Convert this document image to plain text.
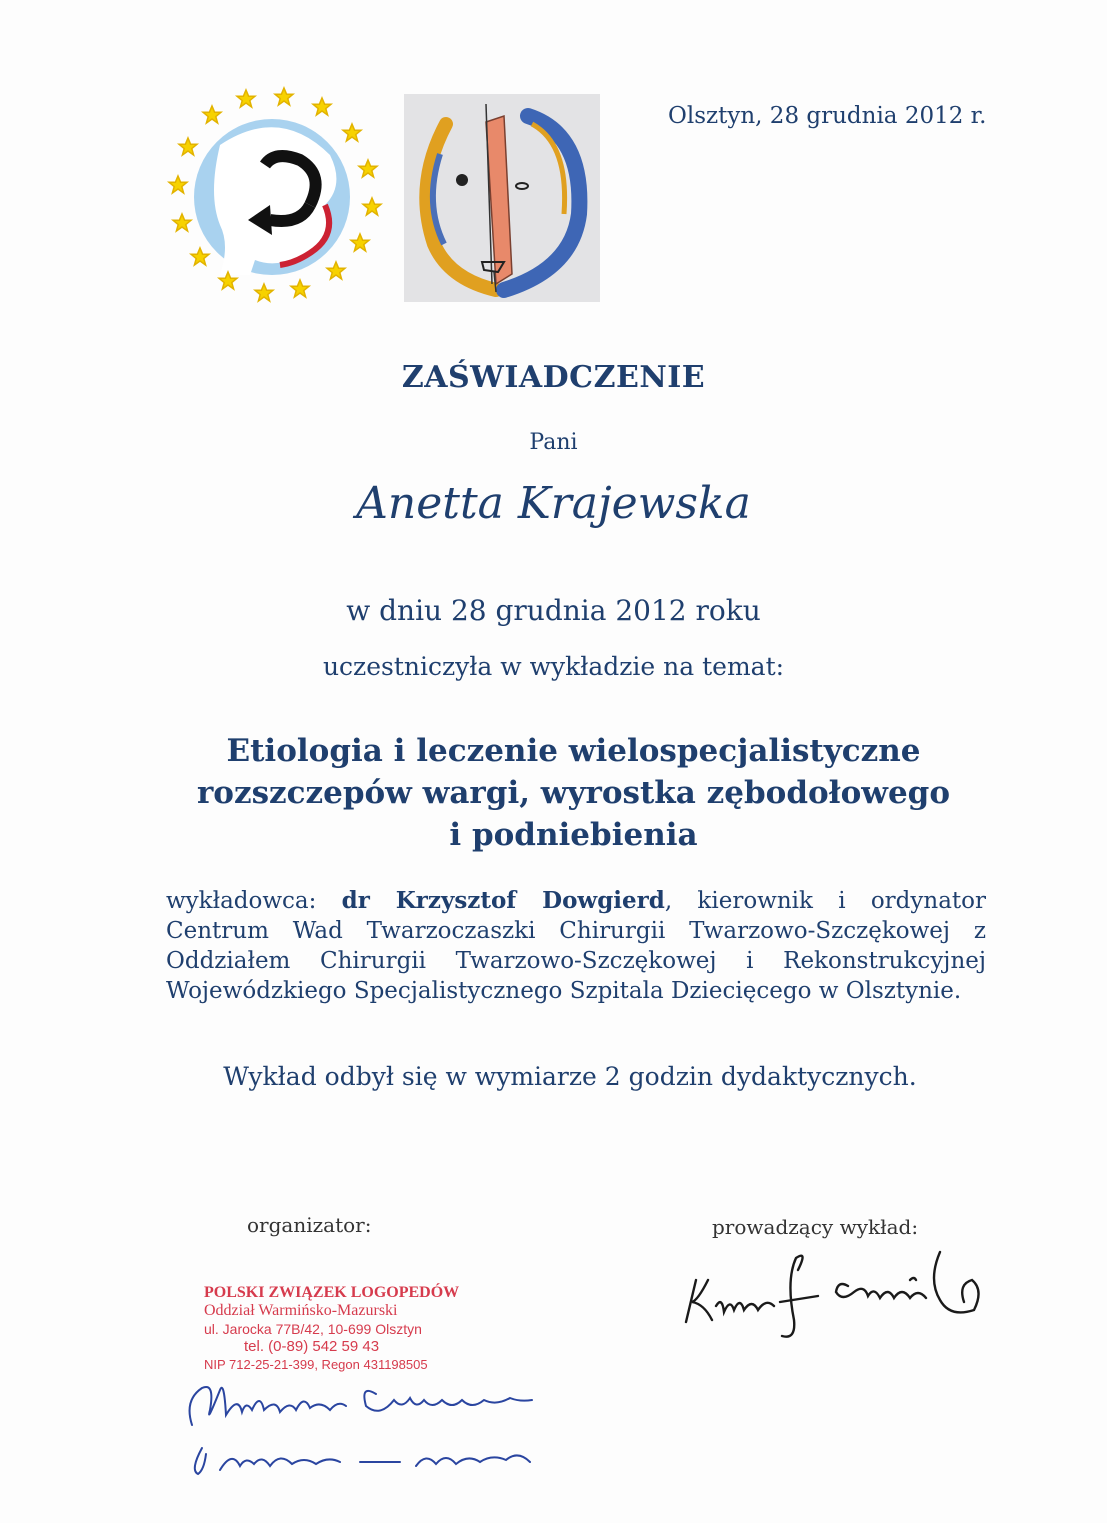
Olsztyn, 28 grudnia 2012 r.
ZAŚWIADCZENIE
Pani
Anetta Krajewska
w dniu 28 grudnia 2012 roku
uczestniczyła w wykładzie na temat:
Etiologia i leczenie wielospecjalistyczne
rozszczepów wargi, wyrostka zębodołowego
i podniebienia
wykładowca: dr Krzysztof Dowgierd, kierownik i ordynator Centrum Wad Twarzoczaszki Chirurgii Twarzowo-Szczękowej z Oddziałem Chirurgii Twarzowo-Szczękowej i Rekonstrukcyjnej Wojewódzkiego Specjalistycznego Szpitala Dziecięcego w Olsztynie.
Wykład odbył się w wymiarze 2 godzin dydaktycznych.
organizator:	prowadzący wykład:
POLSKI ZWIĄZEK LOGOPEDÓW
Oddział Warmińsko-Mazurski
ul. Jarocka 77B/42, 10-699 Olsztyn
tel. (0-89) 542 59 43
NIP 712-25-21-399, Regon 431198505
